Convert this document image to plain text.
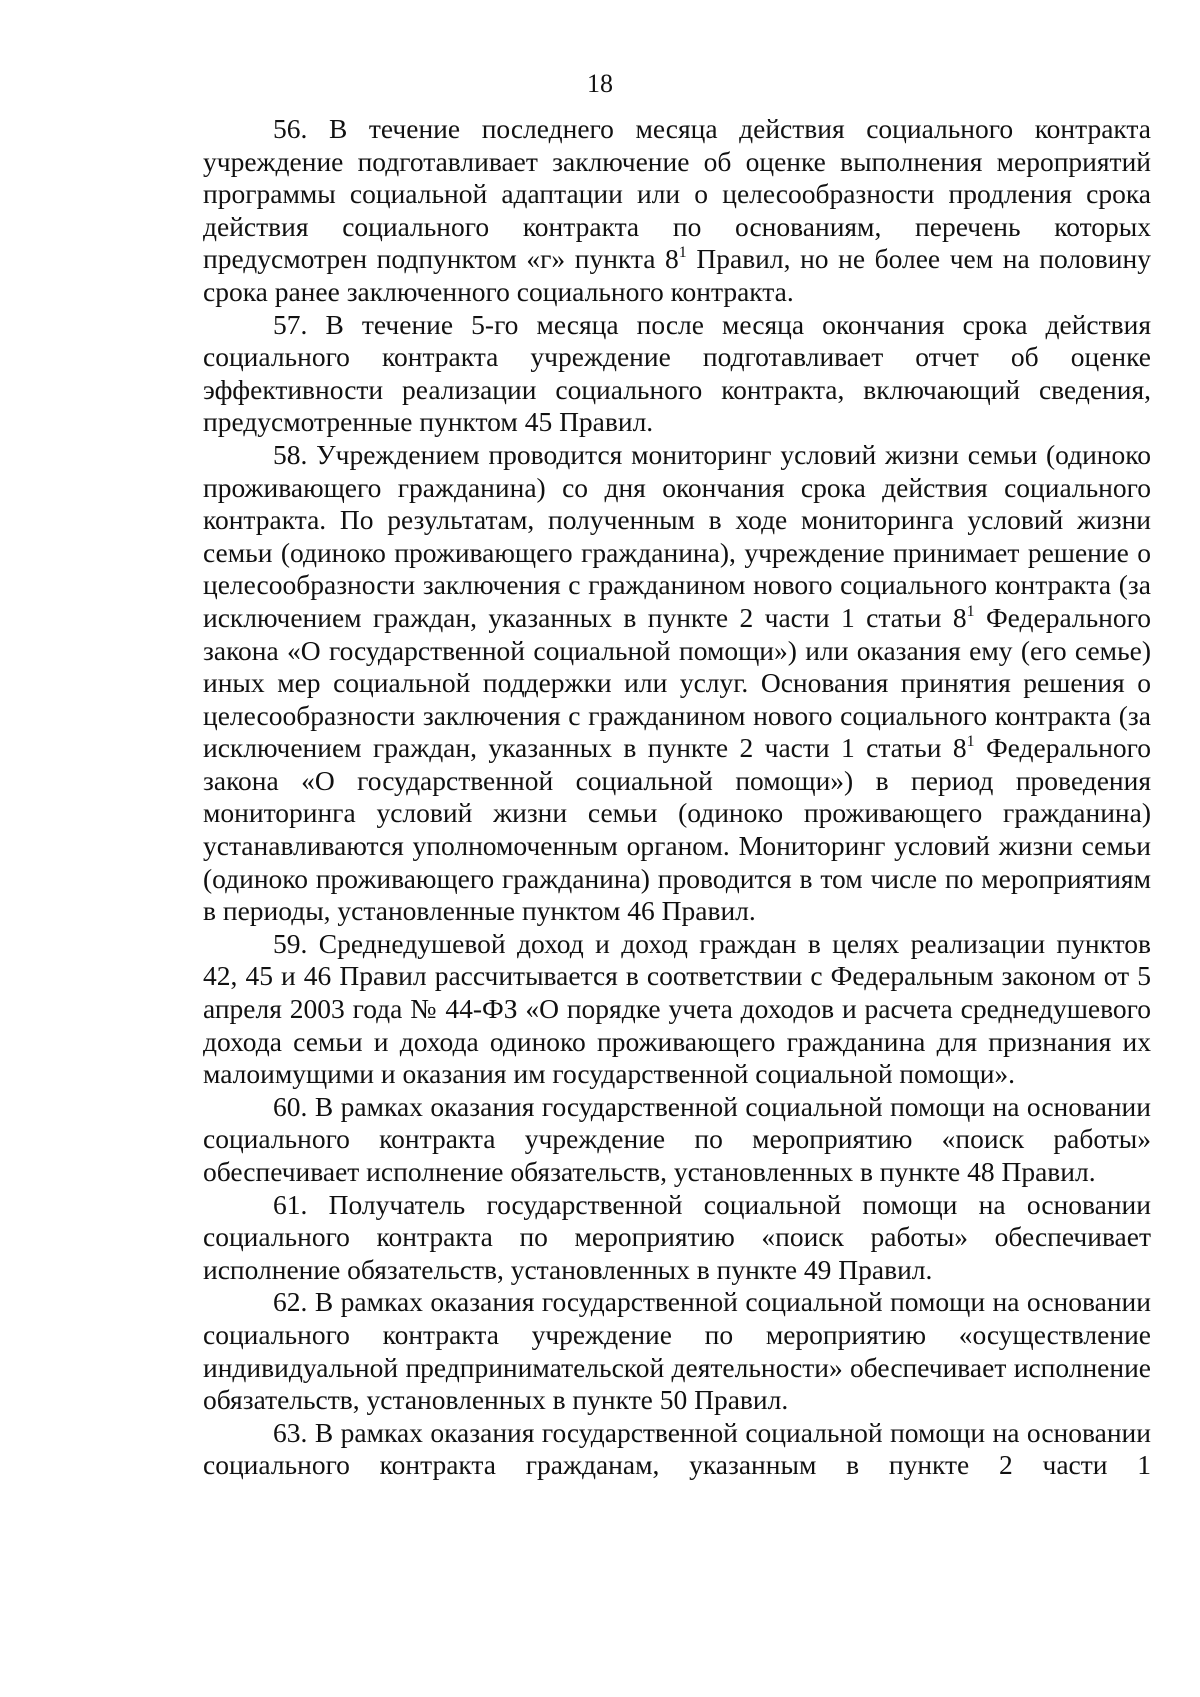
18

56. В течение последнего месяца действия социального контракта учреждение подготавливает заключение об оценке выполнения мероприятий программы социальной адаптации или о целесообразности продления срока действия социального контракта по основаниям, перечень которых предусмотрен подпунктом «г» пункта $8^1$ Правил, но не более чем на половину срока ранее заключенного социального контракта.

57. В течение 5-го месяца после месяца окончания срока действия социального контракта учреждение подготавливает отчет об оценке эффективности реализации социального контракта, включающий сведения, предусмотренные пунктом 45 Правил.

58. Учреждением проводится мониторинг условий жизни семьи (одиноко проживающего гражданина) со дня окончания срока действия социального контракта. По результатам, полученным в ходе мониторинга условий жизни семьи (одиноко проживающего гражданина), учреждение принимает решение о целесообразности заключения с гражданином нового социального контракта (за исключением граждан, указанных в пункте 2 части 1 статьи $8^1$ Федерального закона «О государственной социальной помощи») или оказания ему (его семье) иных мер социальной поддержки или услуг. Основания принятия решения о целесообразности заключения с гражданином нового социального контракта (за исключением граждан, указанных в пункте 2 части 1 статьи $8^1$ Федерального закона «О государственной социальной помощи») в период проведения мониторинга условий жизни семьи (одиноко проживающего гражданина) устанавливаются уполномоченным органом. Мониторинг условий жизни семьи (одиноко проживающего гражданина) проводится в том числе по мероприятиям в периоды, установленные пунктом 46 Правил.

59. Среднедушевой доход и доход граждан в целях реализации пунктов 42, 45 и 46 Правил рассчитывается в соответствии с Федеральным законом от 5 апреля 2003 года № 44-ФЗ «О порядке учета доходов и расчета среднедушевого дохода семьи и дохода одиноко проживающего гражданина для признания их малоимущими и оказания им государственной социальной помощи».

60. В рамках оказания государственной социальной помощи на основании социального контракта учреждение по мероприятию «поиск работы» обеспечивает исполнение обязательств, установленных в пункте 48 Правил.

61. Получатель государственной социальной помощи на основании социального контракта по мероприятию «поиск работы» обеспечивает исполнение обязательств, установленных в пункте 49 Правил.

62. В рамках оказания государственной социальной помощи на основании социального контракта учреждение по мероприятию «осуществление индивидуальной предпринимательской деятельности» обеспечивает исполнение обязательств, установленных в пункте 50 Правил.

63. В рамках оказания государственной социальной помощи на основании социального контракта гражданам, указанным в пункте 2 части 1
